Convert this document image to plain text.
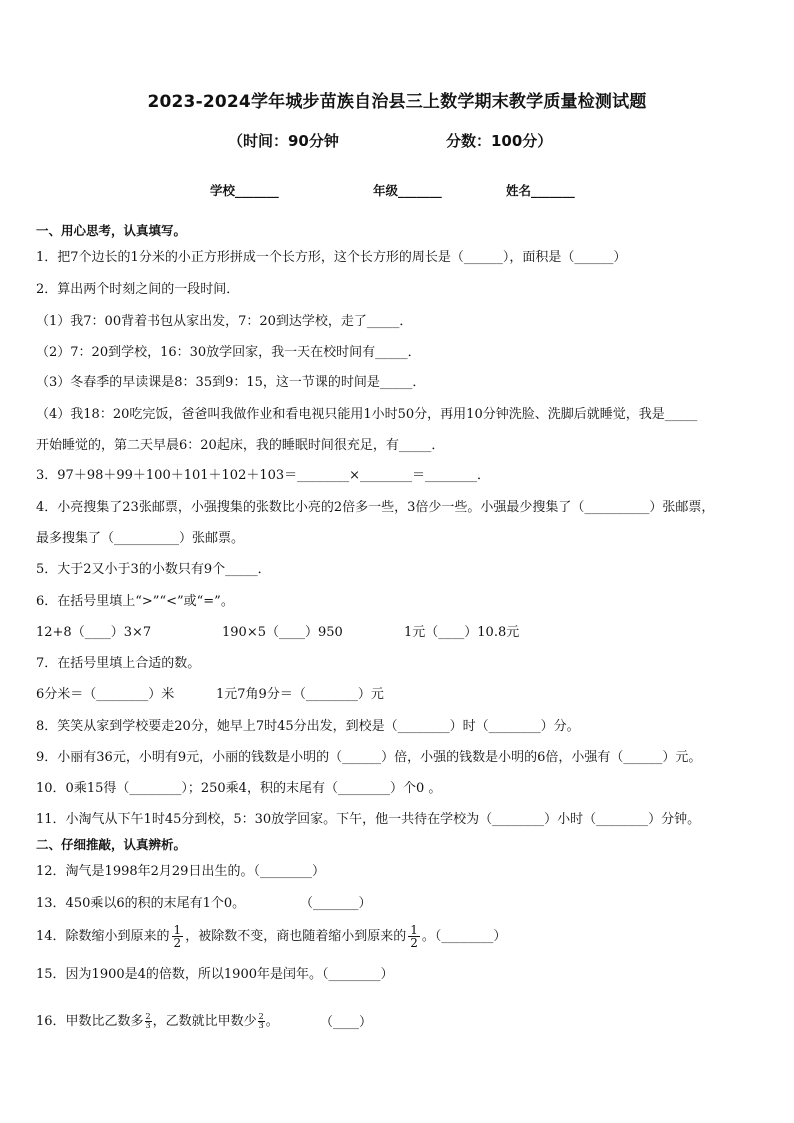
2023-2024学年城步苗族自治县三上数学期末教学质量检测试题
（时间：90分钟	分数：100分）
学校_______	年级_______	姓名_______
一、用心思考，认真填写。
1．把7个边长的1分米的小正方形拼成一个长方形，这个长方形的周长是（______），面积是（______）
2．算出两个时刻之间的一段时间．
（1）我7：00背着书包从家出发，7：20到达学校，走了_____．
（2）7：20到学校，16：30放学回家，我一天在校时间有_____．
（3）冬春季的早读课是8：35到9：15，这一节课的时间是_____．
（4）我18：20吃完饭，爸爸叫我做作业和看电视只能用1小时50分，再用10分钟洗脸、洗脚后就睡觉，我是_____
开始睡觉的，第二天早晨6：20起床，我的睡眠时间很充足，有_____．
3．97＋98＋99＋100＋101＋102＋103＝________×________＝________．
4．小亮搜集了23张邮票，小强搜集的张数比小亮的2倍多一些，3倍少一些。小强最少搜集了（__________）张邮票，
最多搜集了（__________）张邮票。
5．大于2又小于3的小数只有9个_____．
6．在括号里填上“>”“<”或“=”。
12+8（____）3×7	190×5（____）950	1元（____）10.8元
7．在括号里填上合适的数。
6分米＝（________）米	1元7角9分＝（________）元
8．笑笑从家到学校要走20分，她早上7时45分出发，到校是（________）时（________）分。
9．小丽有36元，小明有9元，小丽的钱数是小明的（______）倍，小强的钱数是小明的6倍，小强有（______）元。
10．0乘15得（________）；250乘4，积的末尾有（________）个0 。
11．小淘气从下午1时45分到校，5：30放学回家。下午，他一共待在学校为（________）小时（________）分钟。
二、仔细推敲，认真辨析。
12．淘气是1998年2月29日出生的。（________）
13．450乘以6的积的末尾有1个0。	（_______）
14．除数缩小到原来的 $\frac{1}{2}$ ，被除数不变，商也随着缩小到原来的 $\frac{1}{2}$ 。（________）
15．因为1900是4的倍数，所以1900年是闰年。（________）
16．甲数比乙数多 $\frac{2}{3}$ ，乙数就比甲数少 $\frac{2}{3}$ 。	（____）
